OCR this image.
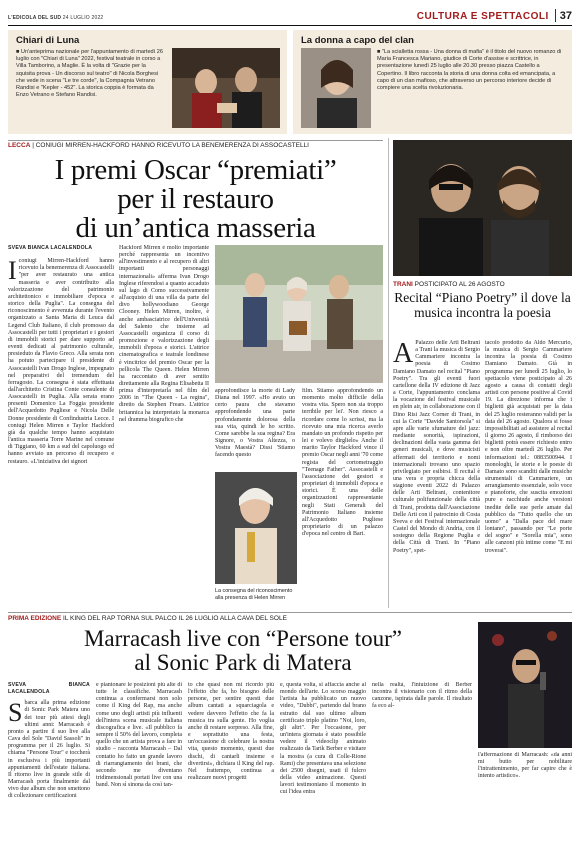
L'EDICOLA DEL SUD 24 LUGLIO 2022	CULTURA E SPETTACOLI 37
Chiari di Luna
■ Un'anteprima nazionale per l'appuntamento di martedì 26 luglio con "Chiari di Luna" 2022, festival teatrale in corso a Villa Tamborino, a Maglie. È la volta di "Grazie per la squisita prova - Un discorso sul teatro" di Nicola Borghesi che vede in scena "Le tre corde", la Compagnia Vetrano Randisi e "Kepler - 452". La storica coppia è formata da Enzo Vetrano e Stefano Randisi.
La donna a capo del clan
■ "La scialletta rossa - Una donna di mafia" è il titolo del nuovo romanzo di Maria Francesca Mariano, giudice di Corte d'assise e scrittrice, in presentazione lunedì 25 luglio alle 20.30 presso piazza Castello a Copertino. Il libro racconta la storia di una donna colta ed emancipata, a capo di un clan mafioso, che attraverso un percorso interiore decide di compiere una scelta rivoluzionaria.
LECCA | CONIUGI MIRREN-HACKFORD HANNO RICEVUTO LA BENEMERENZA DI ASSOCASTELLI
I premi Oscar “premiati”
per il restauro
di un’antica masseria
SVEVA BIANCA LACALENDOLA
I coniugi Mirren-Hackford hanno ricevuto la benemerenza di Assocastelli "per aver restaurato una antica masseria e aver contribuito alla valorizzazione del patrimonio architettonico e immobiliare d'epoca e storico della Puglia". La consegna del riconoscimento è avvenuta durante l'evento organizzato a Santa Maria di Leuca dal Legend Club Italiano, il club promosso da Assocastelli per tutti i proprietari e i gestori di immobili storici per dare supporto ad eventi dedicati al patrimonio culturale, presieduto da Flavio Greco. Alla serata non ha potuto partecipare il presidente di Assocastelli Ivan Drogo Inglese, impegnato nel preparativi del tremendum del ferragosto. La consegna è stata effettuata dall'architetto Cristina Conte consulente di Assocastelli in Puglia. Alla serata erano presenti Domenico La Foggia presidente dell'Acquedotto Pugliese e Nicola Delle Donne presidente di Confindustria Lecce. I coniugi Helen Mirren e Taylor Hackford già da qualche tempo hanno acquistato l'antica masseria Torre Marine nel comune di Tiggiano, 60 km a sud del capoluogo ed hanno avviato un percorso di recupero e restauro. «L'iniziativa dei signori
Hackford Mirren è molto importante perché rappresenta un incentivo all'investimento e al recupero di altri importanti personaggi internazionali» afferma Ivan Drogo Inglese riferendosi a quanto accaduto sul lago di Como successivamente all'acquisto di una villa da parte del divo hollywoodiano George Clooney. Helen Mirren, inoltre, è anche ambasciatrice dell'Università del Salento che insieme ad Assocastelli organizza il corso di promozione e valorizzazione degli immobili d'epoca e storici. L'attrice cinematografica e teatrale londinese è vincitrice del premio Oscar per la pellicola The Queen. Helen Mirren ha raccontato di aver sentito direttamente alla Regina Elisabetta II prima d'interpretarla nel film del 2006 in "The Queen - La regina", diretto da Stephen Frears. L'attrice britannica ha interpretato la monarca nel dramma biografico che
approfondisce la morte di Lady Diana nel 1997. «Ho avuto un certo paura che stavamo approfondendo una parte profondamente dolorosa della sua vita, quindi le ho scritto. Come sarebbe la sua regina? Era Signore, o Vostra Altezza, o Vostra Maestà? Dissi 'Stiamo facendo questo
film. Stiamo approfondendo un momento molto difficile della vostra vita. Spero non sia troppo terribile per lei'. Non riesco a ricordare come lo scrissi, ma la ricevuto una mia ricerca averlo mandato un profondo rispetto per lei e volevo dirglielo» Anche il marito Taylor Hackford vince il premio Oscar negli anni '70 come regista del cortometraggio "Teenage Father". Assocastelli e l'associazione dei gestori e proprietari di immobili d'epoca e storici. È una delle organizzazioni rappresentante negli Stati Generali del Patrimonio Italiano insieme all'Acquedotto Pugliese proprietario di un palazzo d'epoca nel centro di Bari.
La consegna del riconoscimento alla presenza di Helen Mirren
TRANI POSTICIPATO AL 26 AGOSTO
Recital “Piano Poetry” il dove la musica incontra la poesia
A Palazzo delle Arti Beltrani a Trani la musica di Sergio Cammariere incontra la poesia di Cosimo Damiano Damato nel recital "Piano Poetry". Tra gli eventi fuori cartellone della IV edizione di Jazz a Corte, l'appuntamento conclama la vocazione del festival musicale en plein air, in collaborazione con il Dino Risi Jazz Corner di Trani, in cui la Corte "Davide Santorsola" si apre alle varie sfumature del jazz: mediante sonorità, ispirazioni, declinazioni della vasta gamma dei generi musicali, e dove musicisti affermati del territorio e nomi internazionali trovano uno spazio privilegiato per esibirsi. Il recital è una vera e propria chicca della stagione eventi 2022 di Palazzo delle Arti Beltrani, contenitore culturale polifunzionale della città di Trani, prodotta dall'Associazione Delle Arti con il patrocinio di Costa Sveva e dei Festival internazionale Castel del Mondo di Andria, con il sostegno della Regione Puglia e della Città di Trani. In "Piano Poetry", spet-
tacolo prodotto da Aldo Mercurio, la musica di Sergio Cammariere incontra la poesia di Cosimo Damiano Damato. Già in programma per lunedì 25 luglio, lo spettacolo viene posticipato al 26 agosto a causa di contatti degli artisti con persone positive al Covid 19. La direzione informa che i biglietti già acquistati per la data del 25 luglio resteranno validi per la data del 26 agosto. Qualora si fosse impossibilitati ad assistere al recital il giorno 26 agosto, il rimborso dei biglietti potrà essere richiesto entro e non oltre martedì 26 luglio. Per informazioni tel.: 0883500944. I monologhi, le storie e le poesie di Damato sono scanditi dalle musiche strumentali di Cammariere, un arrangiamento essenziale, solo voce e pianoforte, che suscita emozioni pure e racchiude anche versioni inedite delle sue perle amate dal pubblico da "Tutto quello che un uomo" a "Dalla pace del mare lontano", passando per "Le porte del sogno" e "Sorella mia", sono alle canzoni più intime come "E mi troverai".
PRIMA EDIZIONE IL KING DEL RAP TORNA SUL PALCO IL 26 LUGLIO ALLA CAVA DEL SOLE
Marracash live con “Persone tour”
al Sonic Park di Matera
SVEVA BIANCA LACALENDOLA
S barca alla prima edizione di Sonic Park Matera uno dei tour più attesi degli ultimi anni: Marracash è pronto a partire il suo live alla Cava del Sole "David Sassoli" in programma per il 26 luglio. Si chiama "Persone Tour" e toccherà in esclusiva i più importanti appuntamenti dell'estate italiana. Il ritorno live in grande stile di Marracash porta finalmente dal vivo due album che non smettono di collezionare certificazioni
e piantonare le posizioni più alte di tutte le classifiche. Marracash continua a confermarsi non solo come il King del Rap, ma anche come uno degli artisti più influenti dell'intera scena musicale italiana discografica e live. «Il pubblico fa sempre il 50% del lavoro, completa quello che un artista prova a fare in studio – racconta Marracash – Dal contatto ho fatto un grande lavoro di riarrangiamento dei brani, che secondo me diventano tridimensionali portati live con una band. Non sì sinona da così tan-
to che quasi non mi ricordo più l'effetto che fa, ho bisogno delle persone, per sentire questi due album cantati a squarciagola e vedere davvero l'effetto che fa la musica tra sulla gente. Ho voglia anche di restare sorpreso. Alla fine, e soprattutto una festa, un'occasione di celebrare la nostra vita, questo momento, questi due dischi, di cantarli insieme e divertirsi», dichiara il King del rap. Nel frattempo, continua a realizzare nuovi progetti
e, questa volta, si affaccia anche al mondo dell'arte. Lo scorso maggio l'artista ha pubblicato un nuovo video, "Dubbi", partendo dal brano estratto dal suo ultimo album certificato triplo platino "Noi, loro, gli altri". Per l'occasione, per un'intera giornata è stato possibile vedere il videoclip animato realizzato da Tarik Berber e visitare la mostra (a cura di Colle-Rione Rami) che presentava una selezione dei 2500 disegni, usati il fulcro della video animazione. Questi lavori testimoniano il momento in cui l'idea entra
nella realtà, l'intuizione di Berber incontra il visionario con il ritmo della canzone, ispirata dalle parole. Il risultato fa eco al-
l'affermazione di Marracash: «da anni mi butto per nobilitare l'intrattenimento, per far capire che è intento artistico».
